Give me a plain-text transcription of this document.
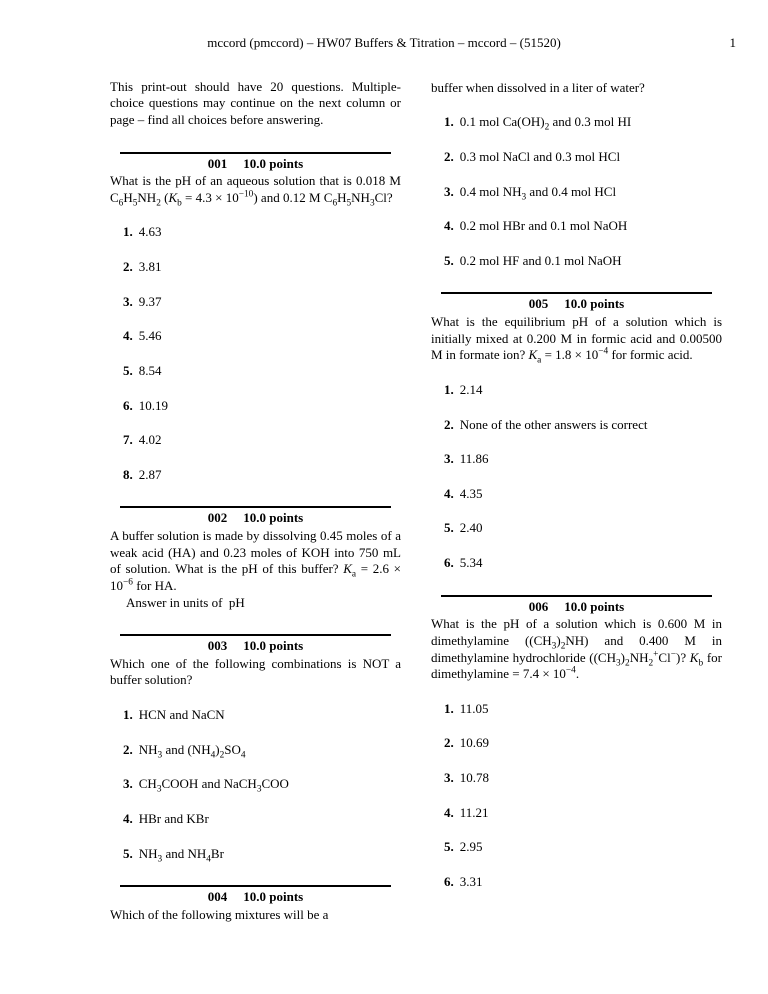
mccord (pmccord) – HW07 Buffers & Titration – mccord – (51520)	1

This print-out should have 20 questions. Multiple-choice questions may continue on the next column or page – find all choices before answering.

001 10.0 points
What is the pH of an aqueous solution that is 0.018 M $C_6H_5NH_2$ $(K_b = 4.3 \times 10^{-10})$ and 0.12 M $C_6H_5NH_3Cl$?
1. 4.63
2. 3.81
3. 9.37
4. 5.46
5. 8.54
6. 10.19
7. 4.02
8. 2.87
002 10.0 points
A buffer solution is made by dissolving 0.45 moles of a weak acid (HA) and 0.23 moles of KOH into 750 mL of solution. What is the pH of this buffer? $K_a = 2.6 \times 10^{-6}$ for HA.
Answer in units of  pH
003 10.0 points
Which one of the following combinations is NOT a buffer solution?
1. HCN and NaCN
2. $NH_3$ and $(NH_4)_2SO_4$
3. $CH_3COOH$ and NaCH$_3$COO
4. HBr and KBr
5. $NH_3$ and $NH_4Br$
004 10.0 points
Which of the following mixtures will be a
buffer when dissolved in a liter of water?
1. 0.1 mol $Ca(OH)_2$ and 0.3 mol HI
2. 0.3 mol NaCl and 0.3 mol HCl
3. 0.4 mol $NH_3$ and 0.4 mol HCl
4. 0.2 mol HBr and 0.1 mol NaOH
5. 0.2 mol HF and 0.1 mol NaOH
005 10.0 points
What is the equilibrium pH of a solution which is initially mixed at 0.200 M in formic acid and 0.00500 M in formate ion? $K_a = 1.8 \times 10^{-4}$ for formic acid.
1. 2.14
2. None of the other answers is correct
3. 11.86
4. 4.35
5. 2.40
6. 5.34
006 10.0 points
What is the pH of a solution which is 0.600 M in dimethylamine $((CH_3)_2NH)$ and 0.400 M in dimethylamine hydrochloride $((CH_3)_2NH_2^+Cl^-)$? $K_b$ for dimethylamine = $7.4 \times 10^{-4}$.
1. 11.05
2. 10.69
3. 10.78
4. 11.21
5. 2.95
6. 3.31
